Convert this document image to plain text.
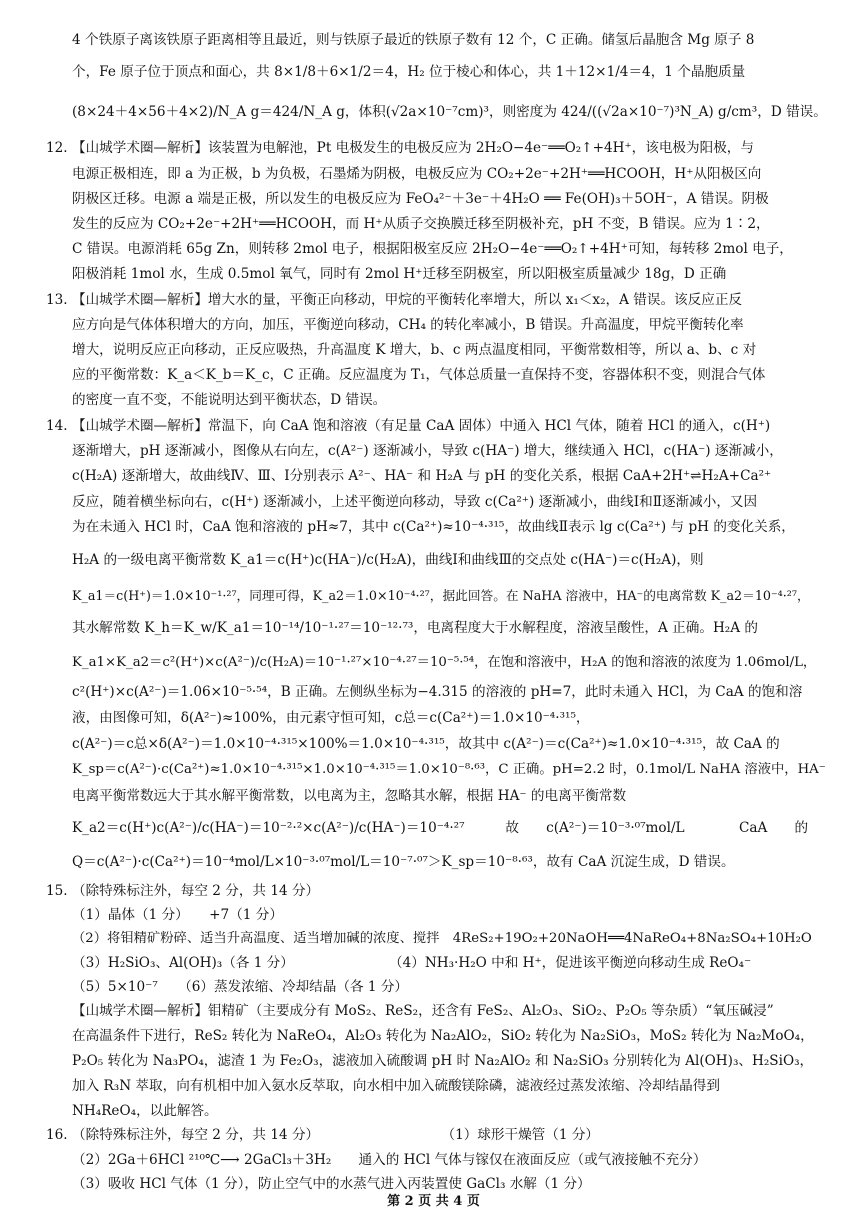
4 个铁原子离该铁原子距离相等且最近，则与铁原子最近的铁原子数有 12 个，C 正确。储氢后晶胞含 Mg 原子 8
个，Fe 原子位于顶点和面心，共 8×1/8＋6×1/2＝4，H₂ 位于棱心和体心，共 1＋12×1/4＝4，1 个晶胞质量
(8×24＋4×56＋4×2)/N_A g＝424/N_A g，体积(√2a×10⁻⁷cm)³，则密度为 424/((√2a×10⁻⁷)³N_A) g/cm³，D 错误。
12. 【山城学术圈—解析】该装置为电解池，Pt 电极发生的电极反应为 2H₂O−4e⁻══O₂↑+4H⁺，该电极为阳极，与
电源正极相连，即 a 为正极，b 为负极，石墨烯为阴极，电极反应为 CO₂+2e⁻+2H⁺══HCOOH，H⁺从阳极区向
阴极区迁移。电源 a 端是正极，所以发生的电极反应为 FeO₄²⁻＋3e⁻＋4H₂O ══ Fe(OH)₃＋5OH⁻，A 错误。阴极
发生的反应为 CO₂+2e⁻+2H⁺══HCOOH，而 H⁺从质子交换膜迁移至阴极补充，pH 不变，B 错误。应为 1∶2，
C 错误。电源消耗 65g Zn，则转移 2mol 电子，根据阳极室反应 2H₂O−4e⁻══O₂↑+4H⁺可知，每转移 2mol 电子，
阳极消耗 1mol 水，生成 0.5mol 氧气，同时有 2mol H⁺迁移至阴极室，所以阳极室质量减少 18g，D 正确
13. 【山城学术圈—解析】增大水的量，平衡正向移动，甲烷的平衡转化率增大，所以 x₁＜x₂，A 错误。该反应正反
应方向是气体体积增大的方向，加压，平衡逆向移动，CH₄ 的转化率减小，B 错误。升高温度，甲烷平衡转化率
增大，说明反应正向移动，正反应吸热，升高温度 K 增大，b、c 两点温度相同，平衡常数相等，所以 a、b、c 对
应的平衡常数：K_a＜K_b＝K_c，C 正确。反应温度为 T₁，气体总质量一直保持不变，容器体积不变，则混合气体
的密度一直不变，不能说明达到平衡状态，D 错误。
14. 【山城学术圈—解析】常温下，向 CaA 饱和溶液（有足量 CaA 固体）中通入 HCl 气体，随着 HCl 的通入，c(H⁺)
逐渐增大，pH 逐渐减小，图像从右向左，c(A²⁻) 逐渐减小，导致 c(HA⁻) 增大，继续通入 HCl，c(HA⁻) 逐渐减小，
c(H₂A) 逐渐增大，故曲线Ⅳ、Ⅲ、Ⅰ分别表示 A²⁻、HA⁻ 和 H₂A 与 pH 的变化关系，根据 CaA+2H⁺⇌H₂A+Ca²⁺
反应，随着横坐标向右，c(H⁺) 逐渐减小，上述平衡逆向移动，导致 c(Ca²⁺) 逐渐减小，曲线Ⅰ和Ⅱ逐渐减小，又因
为在未通入 HCl 时，CaA 饱和溶液的 pH≈7，其中 c(Ca²⁺)≈10⁻⁴·³¹⁵，故曲线Ⅱ表示 lg c(Ca²⁺) 与 pH 的变化关系，
H₂A 的一级电离平衡常数 K_a1＝c(H⁺)c(HA⁻)/c(H₂A)，曲线Ⅰ和曲线Ⅲ的交点处 c(HA⁻)＝c(H₂A)，则
K_a1＝c(H⁺)＝1.0×10⁻¹·²⁷，同理可得，K_a2＝1.0×10⁻⁴·²⁷，据此回答。在 NaHA 溶液中，HA⁻的电离常数 K_a2＝10⁻⁴·²⁷，
其水解常数 K_h＝K_w/K_a1＝10⁻¹⁴/10⁻¹·²⁷＝10⁻¹²·⁷³，电离程度大于水解程度，溶液呈酸性，A 正确。H₂A 的
K_a1×K_a2＝c²(H⁺)×c(A²⁻)/c(H₂A)＝10⁻¹·²⁷×10⁻⁴·²⁷＝10⁻⁵·⁵⁴，在饱和溶液中，H₂A 的饱和溶液的浓度为 1.06mol/L，
c²(H⁺)×c(A²⁻)＝1.06×10⁻⁵·⁵⁴，B 正确。左侧纵坐标为−4.315 的溶液的 pH=7，此时未通入 HCl，为 CaA 的饱和溶
液，由图像可知，δ(A²⁻)≈100%，由元素守恒可知，c总＝c(Ca²⁺)＝1.0×10⁻⁴·³¹⁵，
c(A²⁻)＝c总×δ(A²⁻)＝1.0×10⁻⁴·³¹⁵×100%＝1.0×10⁻⁴·³¹⁵，故其中 c(A²⁻)＝c(Ca²⁺)≈1.0×10⁻⁴·³¹⁵，故 CaA 的
K_sp＝c(A²⁻)·c(Ca²⁺)≈1.0×10⁻⁴·³¹⁵×1.0×10⁻⁴·³¹⁵＝1.0×10⁻⁸·⁶³，C 正确。pH=2.2 时，0.1mol/L NaHA 溶液中，HA⁻
电离平衡常数远大于其水解平衡常数，以电离为主，忽略其水解，根据 HA⁻ 的电离平衡常数
K_a2＝c(H⁺)c(A²⁻)/c(HA⁻)＝10⁻²·²×c(A²⁻)/c(HA⁻)＝10⁻⁴·²⁷　　　故　　c(A²⁻)＝10⁻³·⁰⁷mol/L　　　　CaA　　的
Q＝c(A²⁻)·c(Ca²⁺)＝10⁻⁴mol/L×10⁻³·⁰⁷mol/L＝10⁻⁷·⁰⁷＞K_sp＝10⁻⁸·⁶³，故有 CaA 沉淀生成，D 错误。
15. （除特殊标注外，每空 2 分，共 14 分）
（1）晶体（1 分）　　+7（1 分）
（2）将钼精矿粉碎、适当升高温度、适当增加碱的浓度、搅拌　4ReS₂+19O₂+20NaOH══4NaReO₄+8Na₂SO₄+10H₂O
（3）H₂SiO₃、Al(OH)₃（各 1 分）　　　　　　　　（4）NH₃·H₂O 中和 H⁺，促进该平衡逆向移动生成 ReO₄⁻
（5）5×10⁻⁷　　（6）蒸发浓缩、冷却结晶（各 1 分）
【山城学术圈—解析】钼精矿（主要成分有 MoS₂、ReS₂，还含有 FeS₂、Al₂O₃、SiO₂、P₂O₅ 等杂质）“氧压碱浸”
在高温条件下进行，ReS₂ 转化为 NaReO₄，Al₂O₃ 转化为 Na₂AlO₂，SiO₂ 转化为 Na₂SiO₃，MoS₂ 转化为 Na₂MoO₄，
P₂O₅ 转化为 Na₃PO₄，滤渣 1 为 Fe₂O₃，滤液加入硫酸调 pH 时 Na₂AlO₂ 和 Na₂SiO₃ 分别转化为 Al(OH)₃、H₂SiO₃，
加入 R₃N 萃取，向有机相中加入氨水反萃取，向水相中加入硫酸镁除磷，滤液经过蒸发浓缩、冷却结晶得到
NH₄ReO₄，以此解答。
16. （除特殊标注外，每空 2 分，共 14 分）　　　　　　　　　　（1）球形干燥管（1 分）
（2）2Ga＋6HCl ²¹⁰℃⟶ 2GaCl₃＋3H₂　　通入的 HCl 气体与镓仅在液面反应（或气液接触不充分）
（3）吸收 HCl 气体（1 分），防止空气中的水蒸气进入丙装置使 GaCl₃ 水解（1 分）
第 2 页 共 4 页
